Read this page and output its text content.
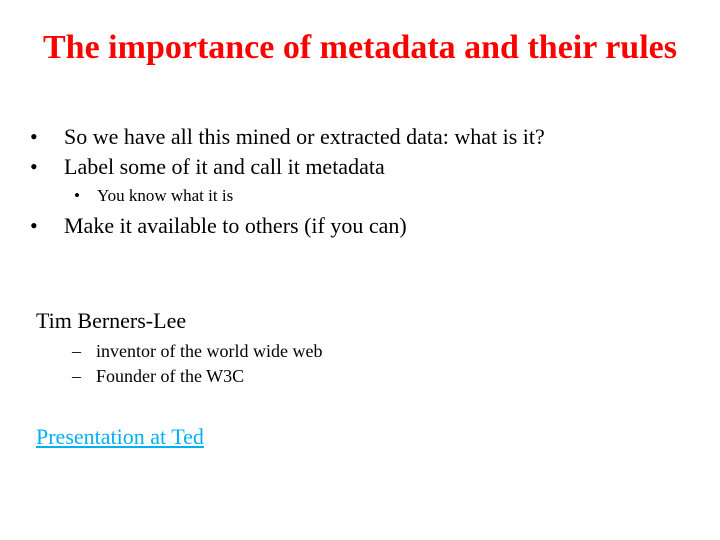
The importance of metadata and their rules
• So we have all this mined or extracted data: what is it?
• Label some of it and call it metadata
• You know what it is
• Make it available to others (if you can)
Tim Berners-Lee
– inventor of the world wide web
– Founder of the W3C
Presentation at Ted
